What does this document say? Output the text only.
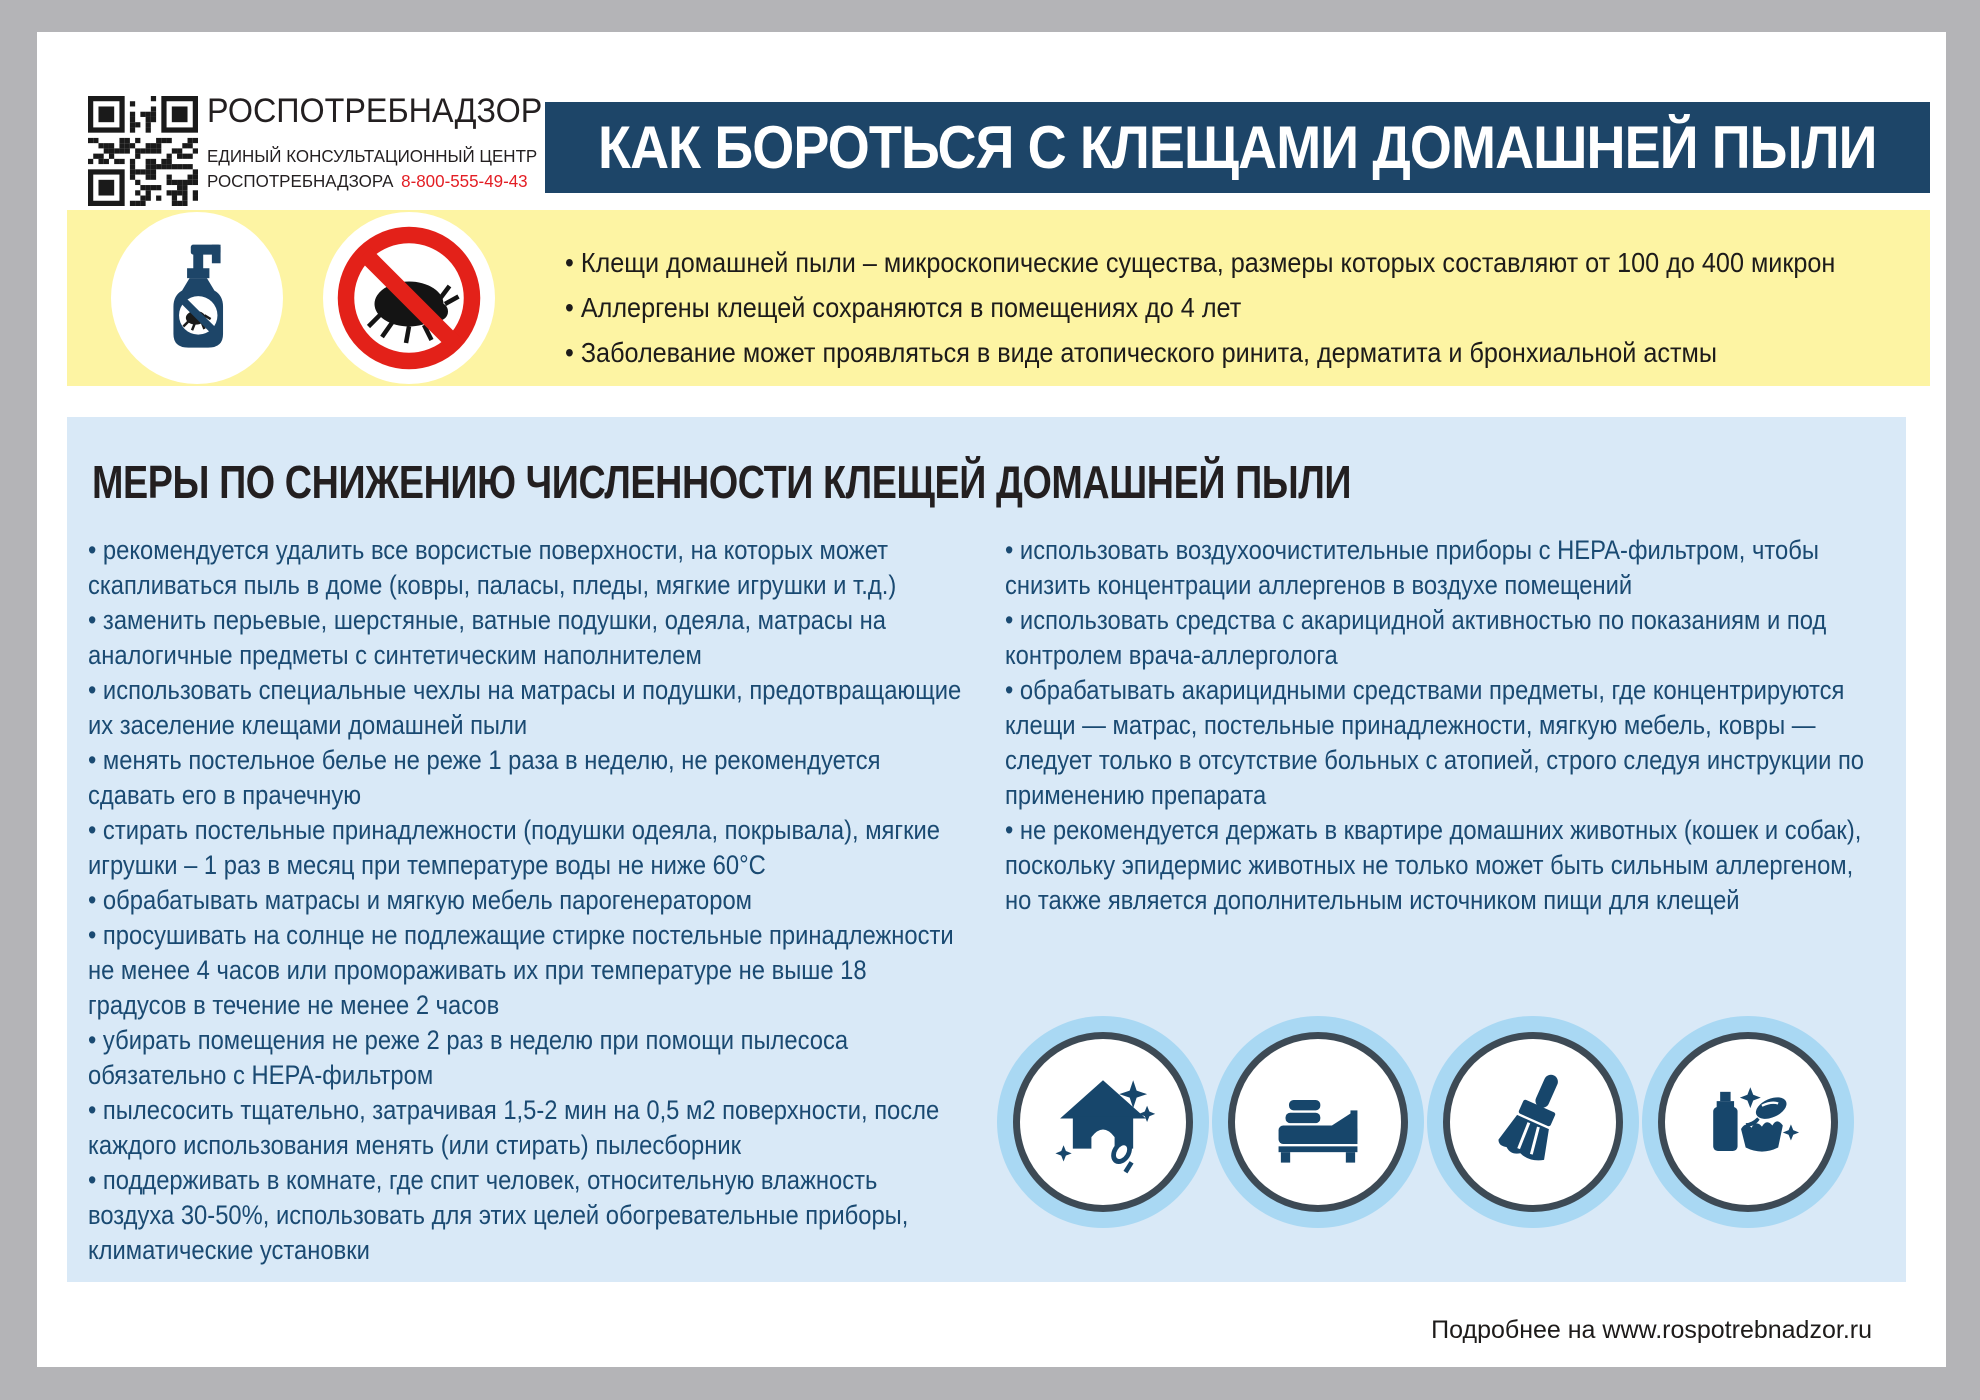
РОСПОТРЕБНАДЗОР
ЕДИНЫЙ КОНСУЛЬТАЦИОННЫЙ ЦЕНТР
РОСПОТРЕБНАДЗОРА 8-800-555-49-43 КАК БОРОТЬСЯ С КЛЕЩАМИ ДОМАШНЕЙ ПЫЛИ
• Клещи домашней пыли – микроскопические существа, размеры которых составляют от 100 до 400 микрон
• Аллергены клещей сохраняются в помещениях до 4 лет
• Заболевание может проявляться в виде атопического ринита, дерматита и бронхиальной астмы
МЕРЫ ПО СНИЖЕНИЮ ЧИСЛЕННОСТИ КЛЕЩЕЙ ДОМАШНЕЙ ПЫЛИ
• рекомендуется удалить все ворсистые поверхности, на которых может скапливаться пыль в доме (ковры, паласы, пледы, мягкие игрушки и т.д.)
• заменить перьевые, шерстяные, ватные подушки, одеяла, матрасы на аналогичные предметы с синтетическим наполнителем
• использовать специальные чехлы на матрасы и подушки, предотвращающие их заселение клещами домашней пыли
• менять постельное белье не реже 1 раза в неделю, не рекомендуется сдавать его в прачечную
• стирать постельные принадлежности (подушки одеяла, покрывала), мягкие игрушки – 1 раз в месяц при температуре воды не ниже 60°С
• обрабатывать матрасы и мягкую мебель парогенератором
• просушивать на солнце не подлежащие стирке постельные принадлежности не менее 4 часов или промораживать их при температуре не выше 18 градусов в течение не менее 2 часов
• убирать помещения не реже 2 раз в неделю при помощи пылесоса обязательно с HEPA-фильтром
• пылесосить тщательно, затрачивая 1,5-2 мин на 0,5 м2 поверхности, после каждого использования менять (или стирать) пылесборник
• поддерживать в комнате, где спит человек, относительную влажность воздуха 30-50%, использовать для этих целей обогревательные приборы, климатические установки
• использовать воздухоочистительные приборы с HEPA-фильтром, чтобы снизить концентрации аллергенов в воздухе помещений
• использовать средства с акарицидной активностью по показаниям и под контролем врача-аллерголога
• обрабатывать акарицидными средствами предметы, где концентрируются клещи — матрас, постельные принадлежности, мягкую мебель, ковры — следует только в отсутствие больных с атопией, строго следуя инструкции по применению препарата
• не рекомендуется держать в квартире домашних животных (кошек и собак), поскольку эпидермис животных не только может быть сильным аллергеном, но также является дополнительным источником пищи для клещей
Подробнее на www.rospotrebnadzor.ru
